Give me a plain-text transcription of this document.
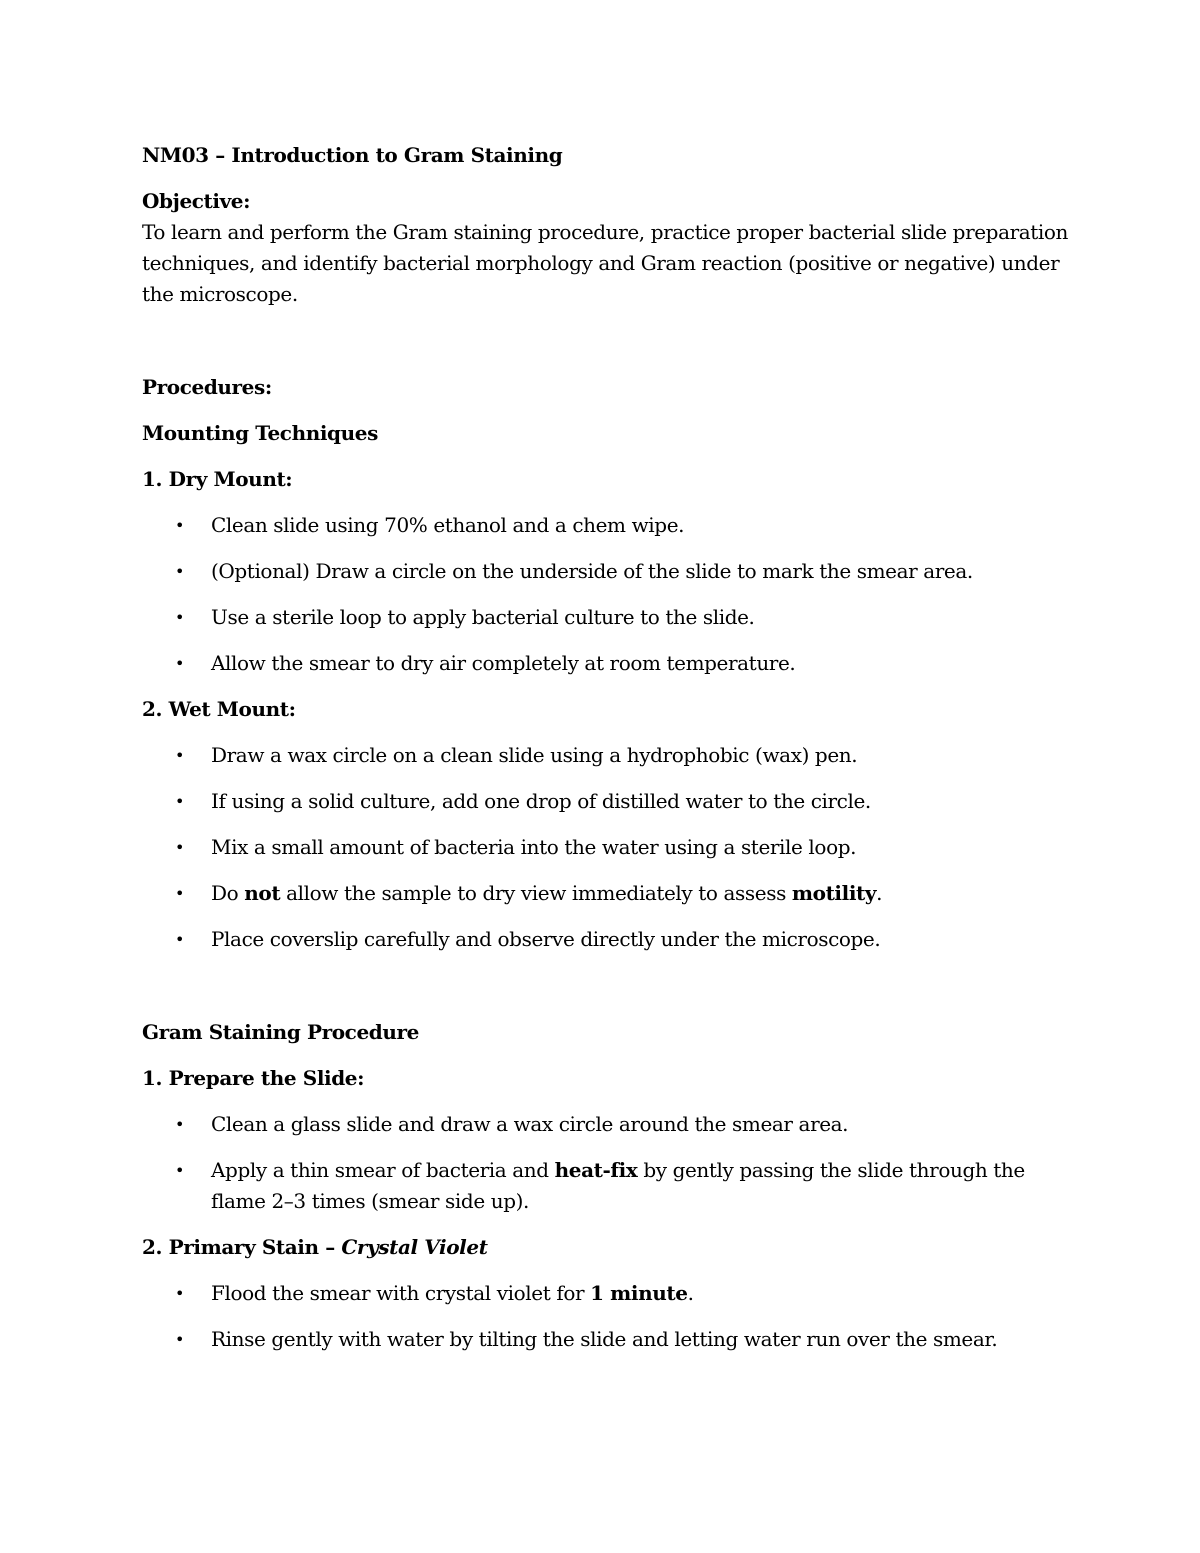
NM03 – Introduction to Gram Staining

Objective:

To learn and perform the Gram staining procedure, practice proper bacterial slide preparation techniques, and identify bacterial morphology and Gram reaction (positive or negative) under the microscope.

Procedures:

Mounting Techniques

1. Dry Mount:

• Clean slide using 70% ethanol and a chem wipe.
• (Optional) Draw a circle on the underside of the slide to mark the smear area.
• Use a sterile loop to apply bacterial culture to the slide.
• Allow the smear to dry air completely at room temperature.

2. Wet Mount:

• Draw a wax circle on a clean slide using a hydrophobic (wax) pen.
• If using a solid culture, add one drop of distilled water to the circle.
• Mix a small amount of bacteria into the water using a sterile loop.
• Do not allow the sample to dry view immediately to assess motility.
• Place coverslip carefully and observe directly under the microscope.

Gram Staining Procedure

1. Prepare the Slide:

• Clean a glass slide and draw a wax circle around the smear area.
• Apply a thin smear of bacteria and heat-fix by gently passing the slide through the flame 2–3 times (smear side up).

2. Primary Stain – Crystal Violet

• Flood the smear with crystal violet for 1 minute.
• Rinse gently with water by tilting the slide and letting water run over the smear.
